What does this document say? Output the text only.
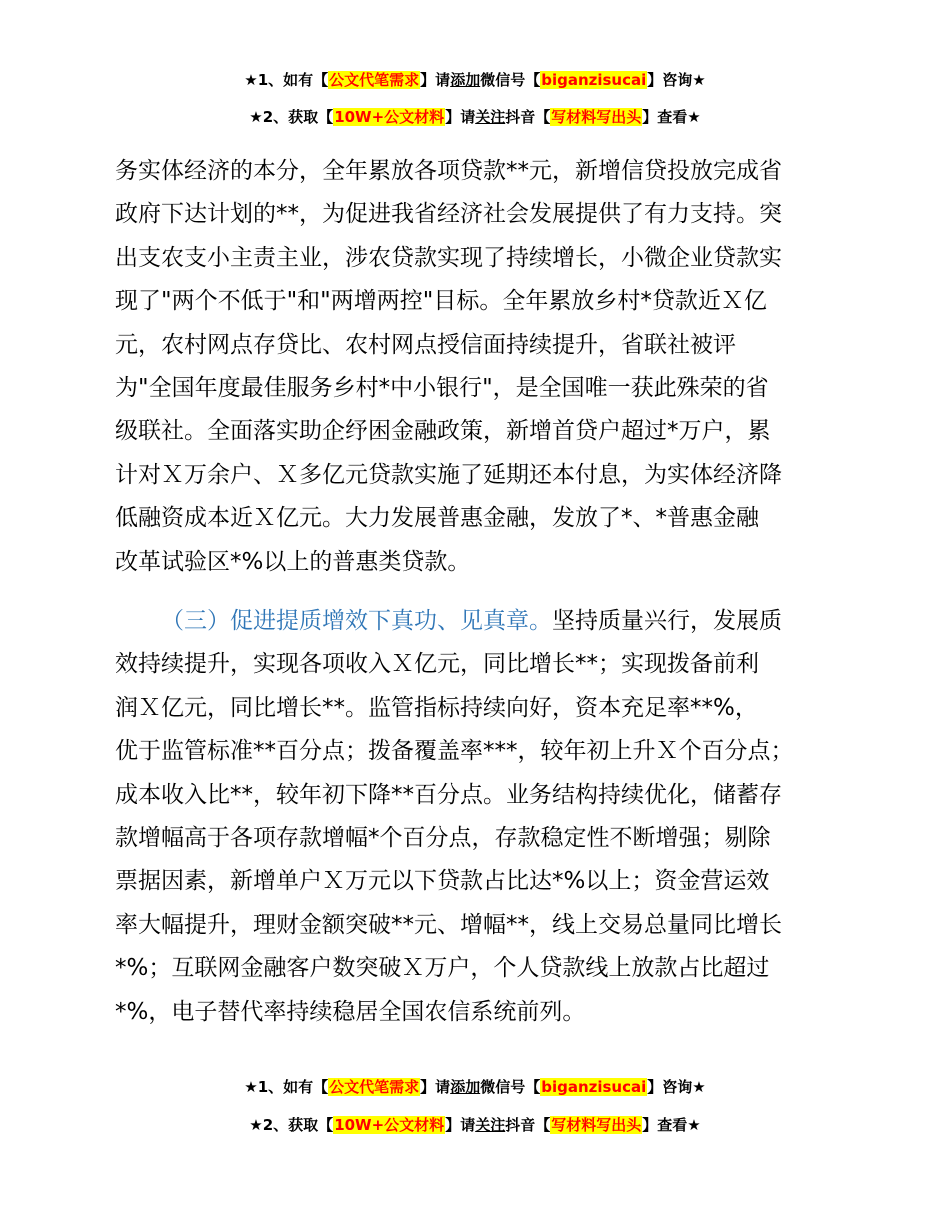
★1、如有【公文代笔需求】请添加微信号【biganzisucai】咨询★
★2、获取【10W+公文材料】请关注抖音【写材料写出头】查看★
务实体经济的本分，全年累放各项贷款**元，新增信贷投放完成省
政府下达计划的**，为促进我省经济社会发展提供了有力支持。突
出支农支小主责主业，涉农贷款实现了持续增长，小微企业贷款实
现了"两个不低于"和"两增两控"目标。全年累放乡村*贷款近Ｘ亿
元，农村网点存贷比、农村网点授信面持续提升，省联社被评
为"全国年度最佳服务乡村*中小银行"，是全国唯一获此殊荣的省
级联社。全面落实助企纾困金融政策，新增首贷户超过*万户，累
计对Ｘ万余户、Ｘ多亿元贷款实施了延期还本付息，为实体经济降
低融资成本近Ｘ亿元。大力发展普惠金融，发放了*、*普惠金融
改革试验区*%以上的普惠类贷款。
（三）促进提质增效下真功、见真章。坚持质量兴行，发展质
效持续提升，实现各项收入Ｘ亿元，同比增长**；实现拨备前利
润Ｘ亿元，同比增长**。监管指标持续向好，资本充足率**%，
优于监管标准**百分点；拨备覆盖率***，较年初上升Ｘ个百分点；
成本收入比**，较年初下降**百分点。业务结构持续优化，储蓄存
款增幅高于各项存款增幅*个百分点，存款稳定性不断增强；剔除
票据因素，新增单户Ｘ万元以下贷款占比达*%以上；资金营运效
率大幅提升，理财金额突破**元、增幅**，线上交易总量同比增长
*%；互联网金融客户数突破Ｘ万户，个人贷款线上放款占比超过
*%，电子替代率持续稳居全国农信系统前列。
★1、如有【公文代笔需求】请添加微信号【biganzisucai】咨询★
★2、获取【10W+公文材料】请关注抖音【写材料写出头】查看★
